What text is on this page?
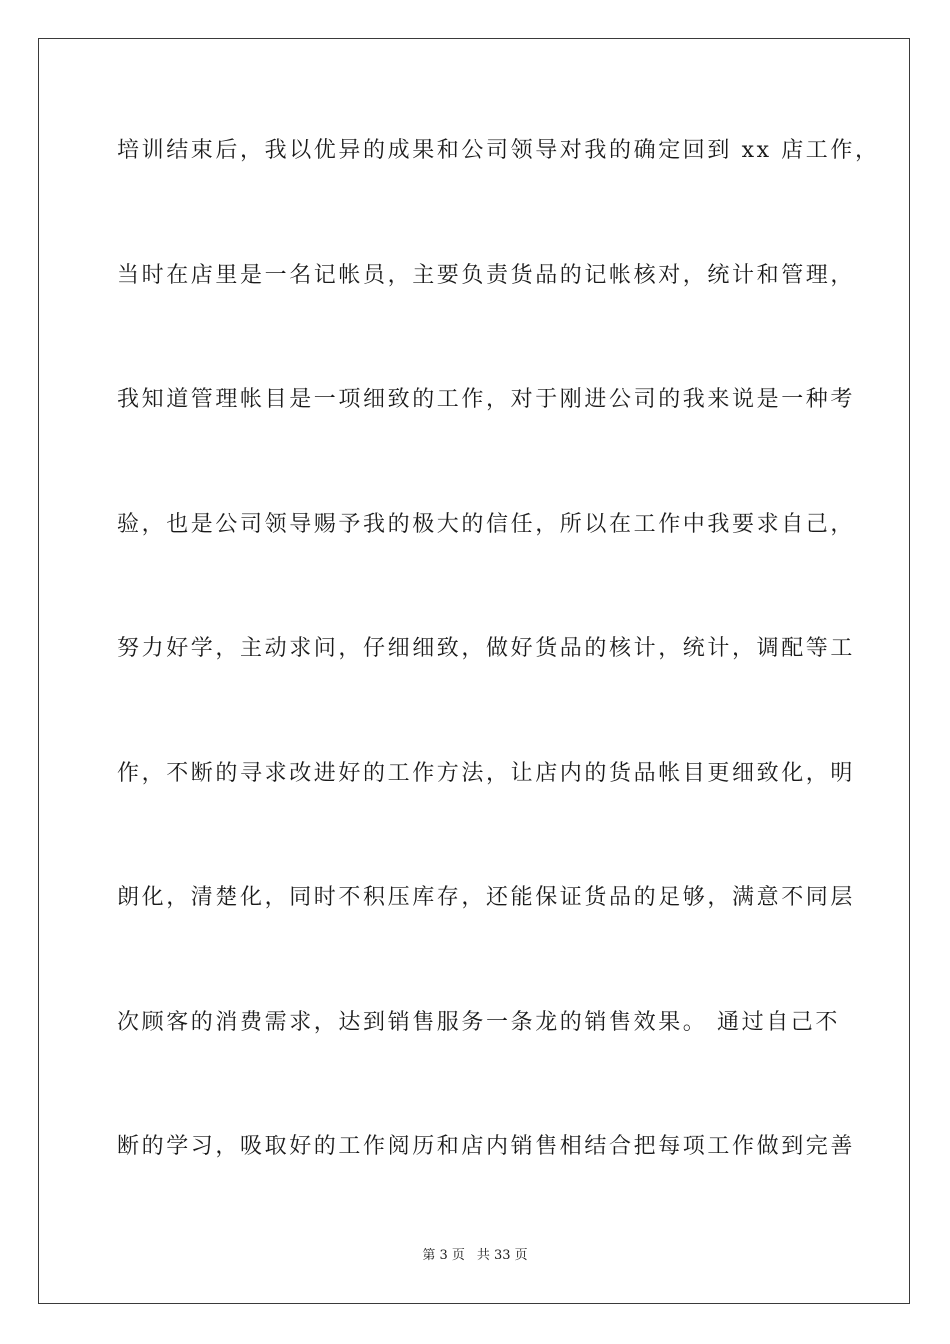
培训结束后，我以优异的成果和公司领导对我的确定回到 xx 店工作，
当时在店里是一名记帐员，主要负责货品的记帐核对，统计和管理，
我知道管理帐目是一项细致的工作，对于刚进公司的我来说是一种考
验，也是公司领导赐予我的极大的信任，所以在工作中我要求自己，
努力好学，主动求问，仔细细致，做好货品的核计，统计，调配等工
作，不断的寻求改进好的工作方法，让店内的货品帐目更细致化，明
朗化，清楚化，同时不积压库存，还能保证货品的足够，满意不同层
次顾客的消费需求，达到销售服务一条龙的销售效果。 通过自己不
断的学习，吸取好的工作阅历和店内销售相结合把每项工作做到完善
第 3 页 共 33 页
